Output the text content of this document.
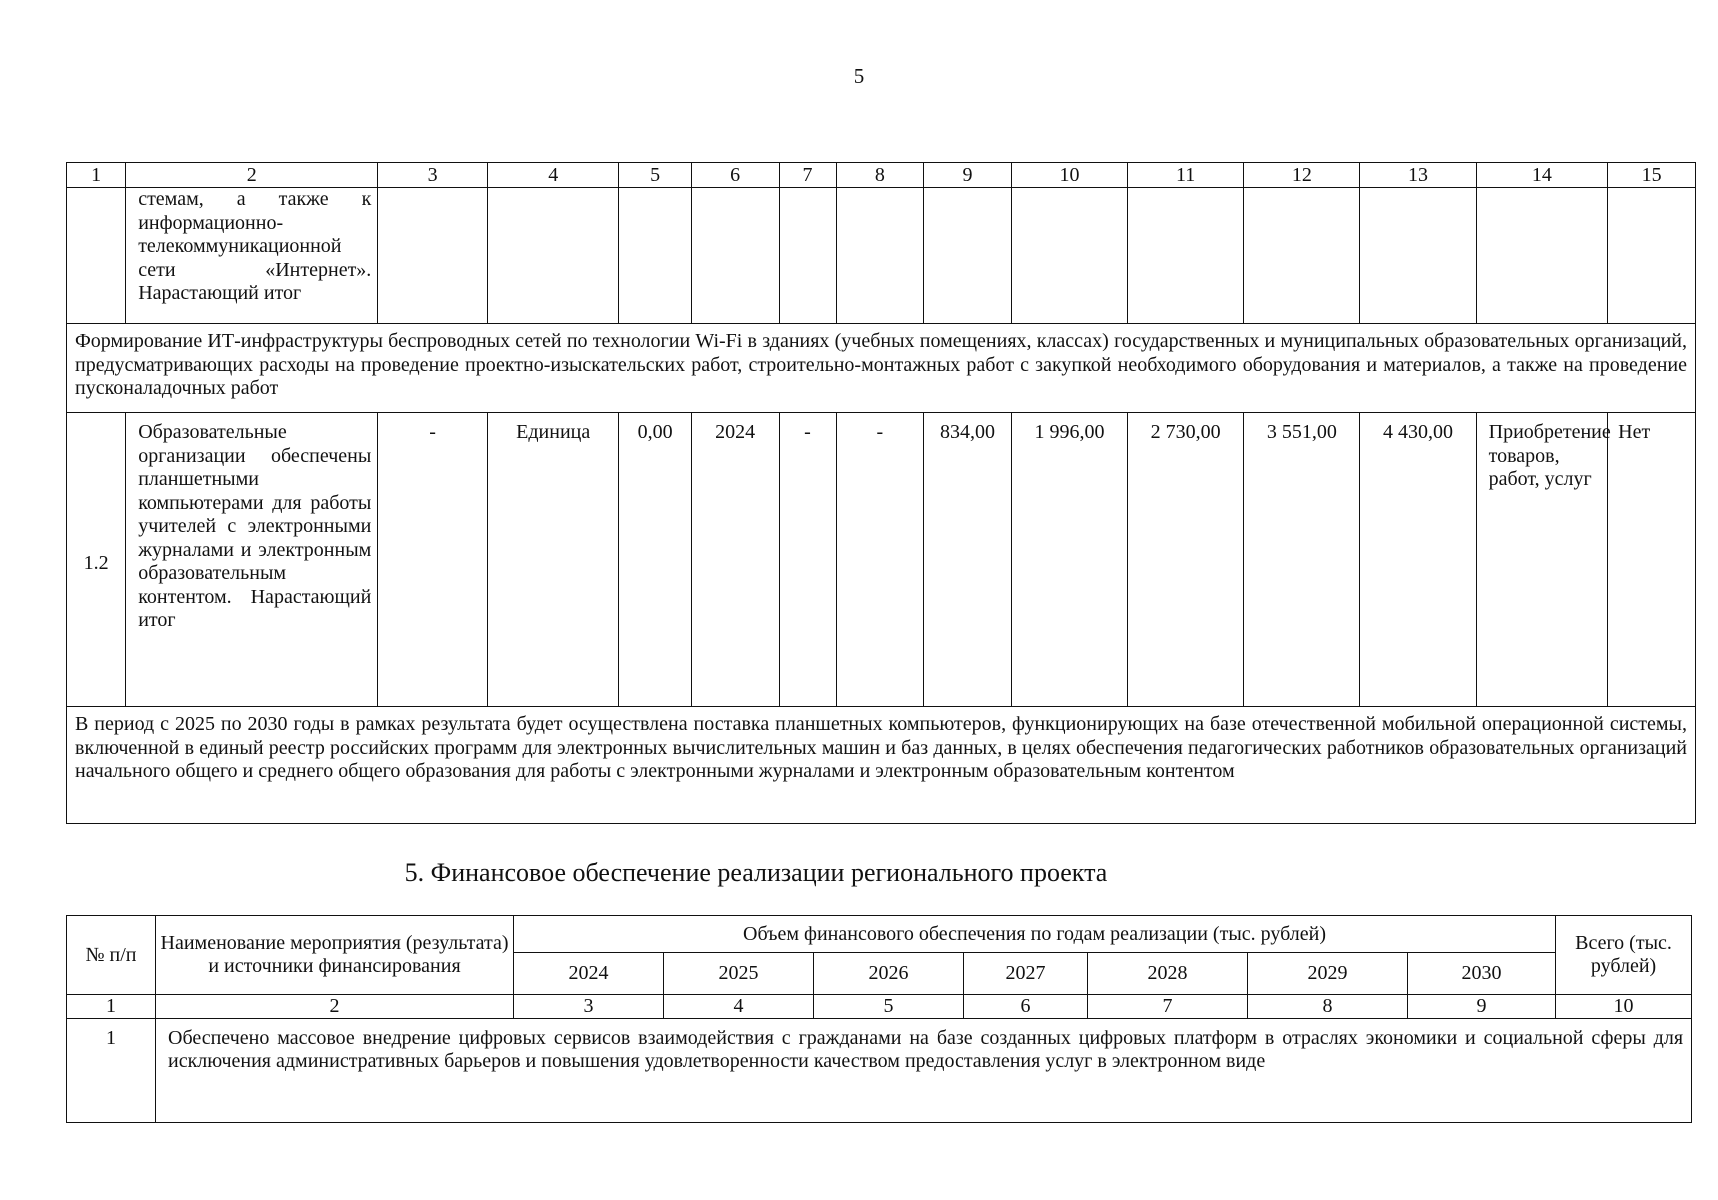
5
1	2	3	4	5	6	7	8	9	10	11	12	13	14	15
	стемам, а также к информационно-телекоммуникационной сети «Интернет». Нарастающий итог													
Формирование ИТ-инфраструктуры беспроводных сетей по технологии Wi-Fi в зданиях (учебных помещениях, классах) государственных и муниципальных образовательных организаций, предусматривающих расходы на проведение проектно-изыскательских работ, строительно-монтажных работ с закупкой необходимого оборудования и материалов, а также на проведение пусконаладочных работ														
1.2	Образовательные организации обеспечены планшетными компьютерами для работы учителей с электронными журналами и электронным образовательным контентом. Нарастающий итог	-	Единица	0,00	2024	-	-	834,00	1 996,00	2 730,00	3 551,00	4 430,00	Приобретение товаров, работ, услуг	Нет
В период с 2025 по 2030 годы в рамках результата будет осуществлена поставка планшетных компьютеров, функционирующих на базе отечественной мобильной операционной системы, включенной в единый реестр российских программ для электронных вычислительных машин и баз данных, в целях обеспечения педагогических работников образовательных организаций начального общего и среднего общего образования для работы с электронными журналами и электронным образовательным контентом														
5. Финансовое обеспечение реализации регионального проекта
№ п/п	Наименование мероприятия (результата) и источники финансирования	Объем финансового обеспечения по годам реализации (тыс. рублей)							Всего (тыс. рублей)
		2024	2025	2026	2027	2028	2029	2030	
1	2	3	4	5	6	7	8	9	10
1	Обеспечено массовое внедрение цифровых сервисов взаимодействия с гражданами на базе созданных цифровых платформ в отраслях экономики и социальной сферы для исключения административных барьеров и повышения удовлетворенности качеством предоставления услуг в электронном виде								
